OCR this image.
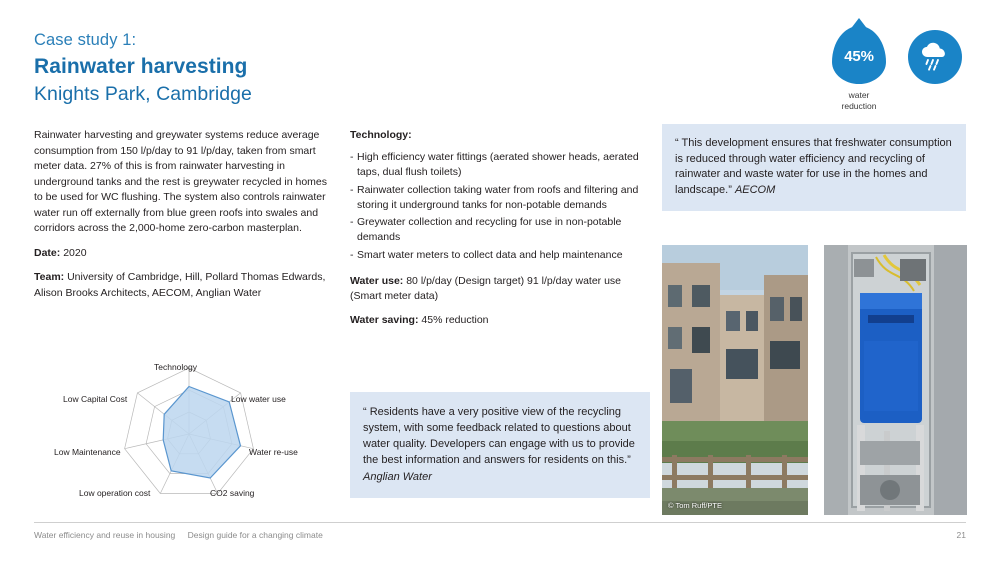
Case study 1:
Rainwater harvesting
Knights Park, Cambridge
45%
water
reduction

Rainwater harvesting and greywater systems reduce average consumption from 150 l/p/day to 91 l/p/day, taken from smart meter data. 27% of this is from rainwater harvesting in underground tanks and the rest is greywater recycled in homes to be used for WC flushing. The system also controls rainwater water run off externally from blue green roofs into swales and corridors across the 2,000-home zero-carbon masterplan.

Date: 2020

Team: University of Cambridge, Hill, Pollard Thomas Edwards, Alison Brooks Architects, AECOM, Anglian Water

Technology
Low water use
Water re-use
CO2 saving
Low operation cost
Low Maintenance
Low Capital Cost
Technology:
- High efficiency water fittings (aerated shower heads, aerated taps, dual flush toilets)
- Rainwater collection taking water from roofs and filtering and storing it underground tanks for non-potable demands
- Greywater collection and recycling for use in non-potable demands
- Smart water meters to collect data and help maintenance
Water use: 80 l/p/day (Design target) 91 l/p/day water use (Smart meter data)
Water saving: 45% reduction
“ This development ensures that freshwater consumption is reduced through water efficiency and recycling of rainwater and waste water for use in the homes and landscape.” AECOM
“ Residents have a very positive view of the recycling system, with some feedback related to questions about water quality. Developers can engage with us to provide the best information and answers for residents on this.” Anglian Water
© Tom Ruff/PTE
Water efficiency and reuse in housing Design guide for a changing climate	21
